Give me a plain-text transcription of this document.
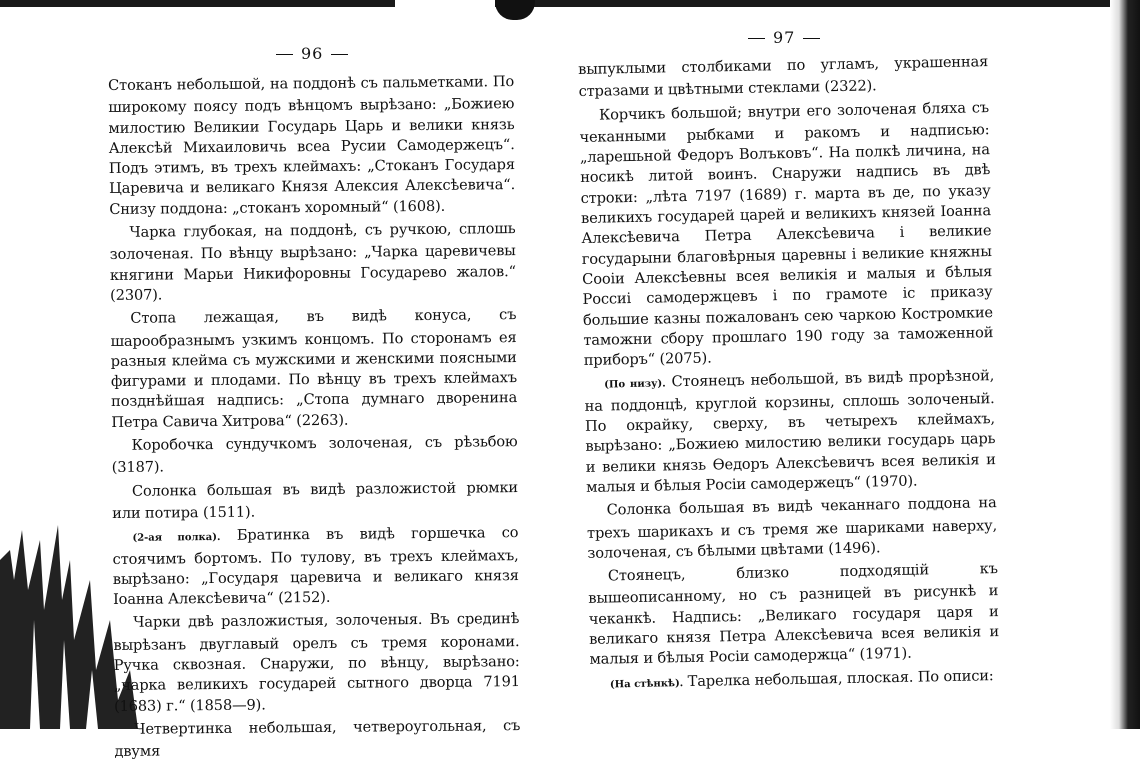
96
97

Стоканъ небольшой, на поддонѣ съ пальметками. По широкому поясу подъ вѣнцомъ вырѣзано: „Божиею милостию Великии Государь Царь и велики князь Алексѣй Михаиловичь всеа Русии Самодержецъ“. Подъ этимъ, въ трехъ клеймахъ: „Стоканъ Государя Царевича и великаго Князя Алексия Алексѣевича“. Снизу поддона: „стоканъ хоромный“ (1608).

Чарка глубокая, на поддонѣ, съ ручкою, сплошь золоченая. По вѣнцу вырѣзано: „Чарка царевичевы княгини Марьи Никифоровны Государево жалов.“ (2307).

Стопа лежащая, въ видѣ конуса, съ шарообразнымъ узкимъ концомъ. По сторонамъ ея разныя клейма съ мужскими и женскими поясными фигурами и плодами. По вѣнцу въ трехъ клеймахъ позднѣйшая надпись: „Стопа думнаго дворенина Петра Савича Хитрова“ (2263).

Коробочка сундучкомъ золоченая, съ рѣзьбою (3187).

Солонка большая въ видѣ разложистой рюмки или потира (1511).

(2-ая полка). Братинка въ видѣ горшечка со стоячимъ бортомъ. По тулову, въ трехъ клеймахъ, вырѣзано: „Государя царевича и великаго князя Іоанна Алексѣевича“ (2152).

Чарки двѣ разложистыя, золоченыя. Въ срединѣ вырѣзанъ двуглавый орелъ съ тремя коронами. Ручка сквозная. Снаружи, по вѣнцу, вырѣзано: „чарка великихъ государей сытного дворца 7191 (1683) г.“ (1858—9).

Четвертинка небольшая, четвероугольная, съ двумя

выпуклыми столбиками по угламъ, украшенная стразами и цвѣтными стеклами (2322).

Корчикъ большой; внутри его золоченая бляха съ чеканными рыбками и ракомъ и надписью: „ларешьной Федоръ Волъковъ“. На полкѣ личина, на носикѣ литой воинъ. Снаружи надпись въ двѣ строки: „лѣта 7197 (1689) г. марта въ де, по указу великихъ государей царей и великихъ князей Іоанна Алексѣевича Петра Алексѣевича і великие государыни благовѣрныя царевны і великие княжны Сооіи Алексѣевны всея великія и малыя и бѣлыя Россиі самодержцевъ і по грамоте іс приказу большие казны пожалованъ сею чаркою Костромкие таможни сбору прошлаго 190 году за таможенной приборъ“ (2075).

(По низу). Стоянецъ небольшой, въ видѣ прорѣзной, на поддонцѣ, круглой корзины, сплошь золоченый. По окрайку, сверху, въ четырехъ клеймахъ, вырѣзано: „Божиею милостию велики государь царь и велики князь Ѳедоръ Алексѣевичъ всея великія и малыя и бѣлыя Росіи самодержецъ“ (1970).

Солонка большая въ видѣ чеканнаго поддона на трехъ шарикахъ и съ тремя же шариками наверху, золоченая, съ бѣлыми цвѣтами (1496).

Стоянецъ, близко подходящій къ вышеописанному, но съ разницей въ рисункѣ и чеканкѣ. Надпись: „Великаго государя царя и великаго князя Петра Алексѣевича всея великія и малыя и бѣлыя Росіи самодержца“ (1971).

(На стѣнкѣ). Тарелка небольшая, плоская. По описи:
